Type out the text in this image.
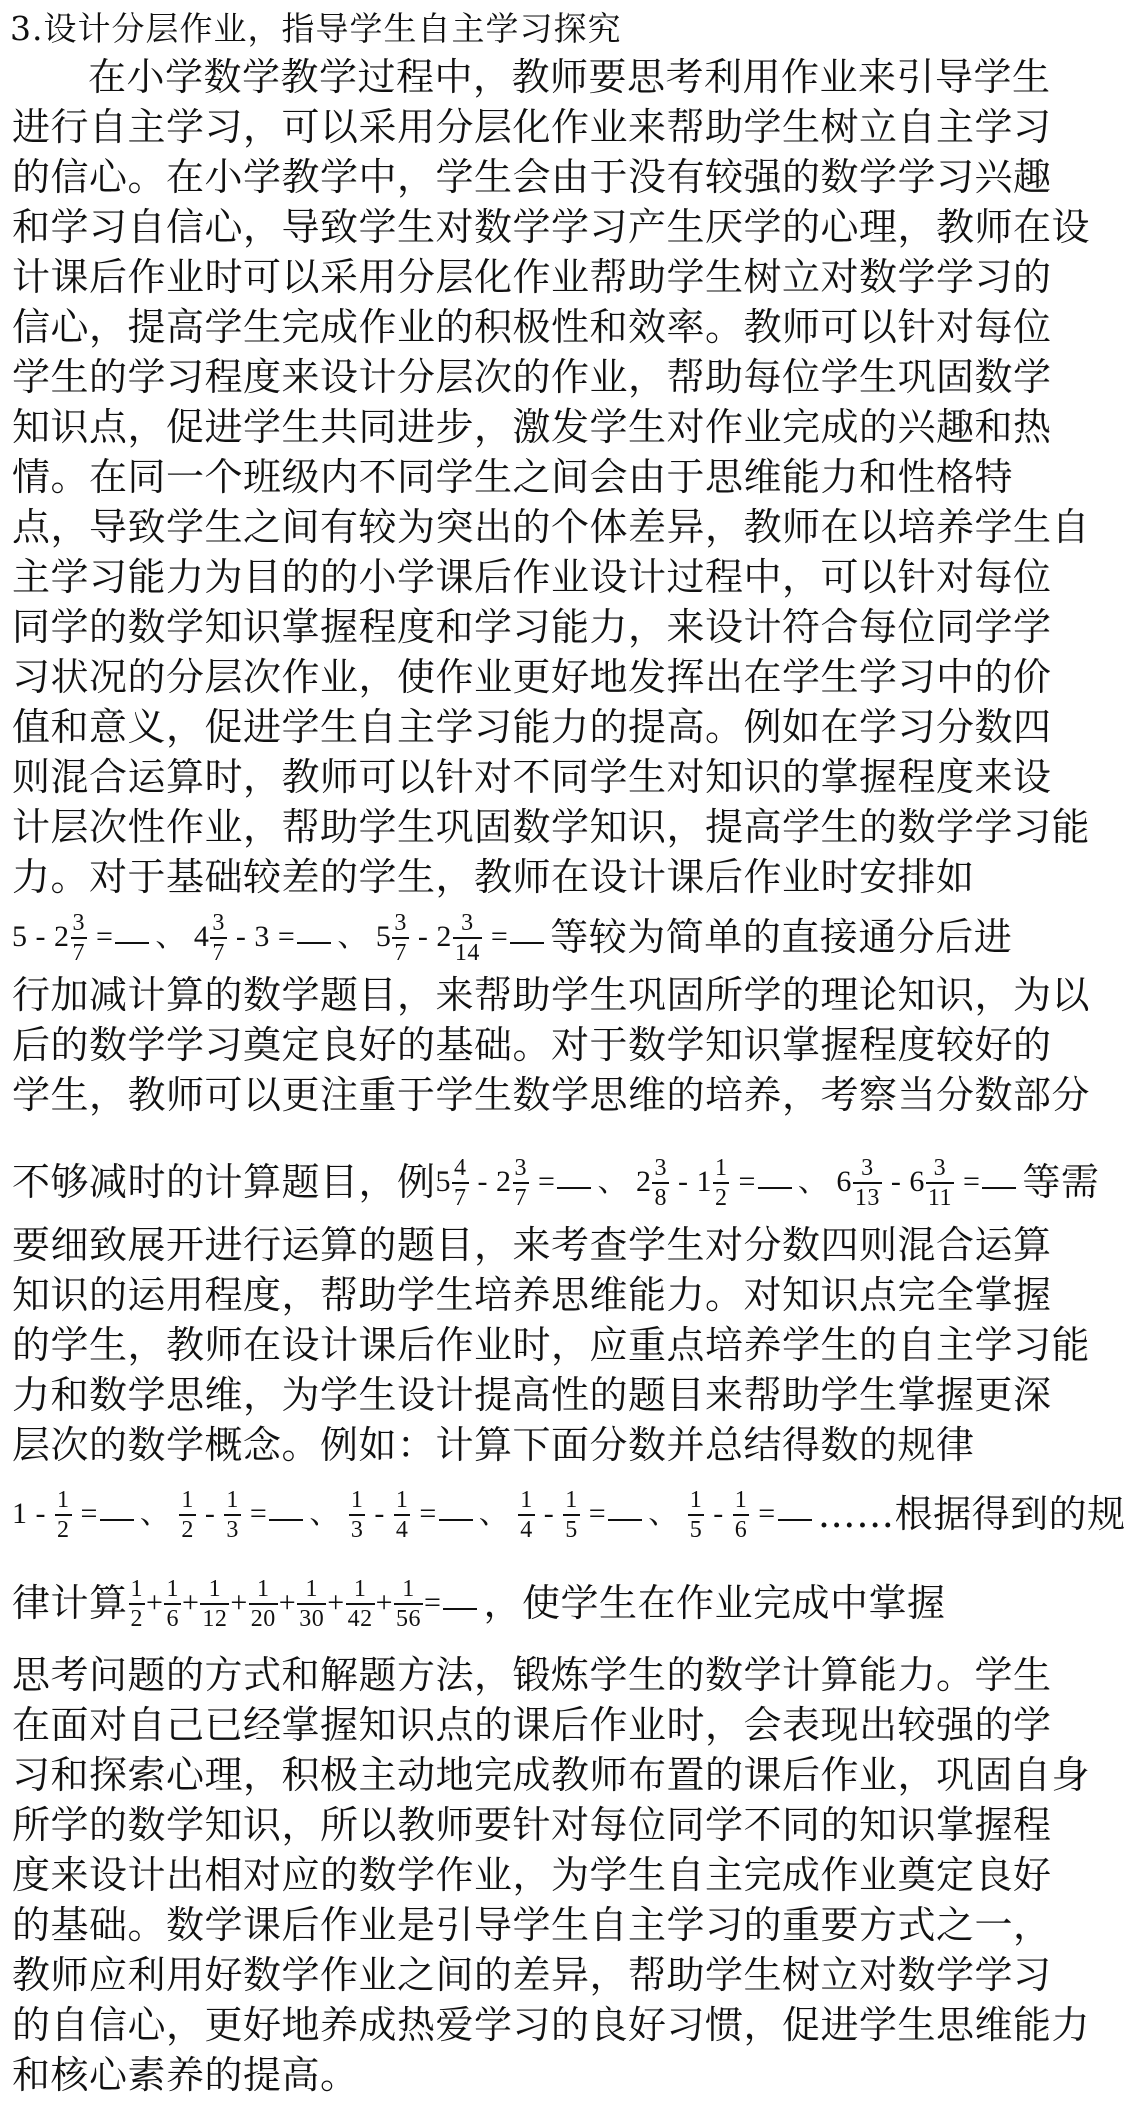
3.设计分层作业，指导学生自主学习探究
在小学数学教学过程中，教师要思考利用作业来引导学生
进行自主学习，可以采用分层化作业来帮助学生树立自主学习
的信心。在小学教学中，学生会由于没有较强的数学学习兴趣
和学习自信心，导致学生对数学学习产生厌学的心理，教师在设
计课后作业时可以采用分层化作业帮助学生树立对数学学习的
信心，提高学生完成作业的积极性和效率。教师可以针对每位
学生的学习程度来设计分层次的作业，帮助每位学生巩固数学
知识点，促进学生共同进步，激发学生对作业完成的兴趣和热
情。在同一个班级内不同学生之间会由于思维能力和性格特
点，导致学生之间有较为突出的个体差异，教师在以培养学生自
主学习能力为目的的小学课后作业设计过程中，可以针对每位
同学的数学知识掌握程度和学习能力，来设计符合每位同学学
习状况的分层次作业，使作业更好地发挥出在学生学习中的价
值和意义，促进学生自主学习能力的提高。例如在学习分数四
则混合运算时，教师可以针对不同学生对知识的掌握程度来设
计层次性作业，帮助学生巩固数学知识，提高学生的数学学习能
力。对于基础较差的学生，教师在设计课后作业时安排如
$5 - 2 \frac{3}{7}$ = 、 $4 \frac{3}{7} - 3$ = 、 $5 \frac{3}{7} - 2 \frac{3}{14}$ =	等较为简单的直接通分后进
行加减计算的数学题目，来帮助学生巩固所学的理论知识，为以
后的数学学习奠定良好的基础。对于数学知识掌握程度较好的
学生，教师可以更注重于学生数学思维的培养，考察当分数部分
不够减时的计算题目，例 $5 \frac{4}{7} - 2 \frac{3}{7}$ = 、 $2 \frac{3}{8} - 1 \frac{1}{2}$ = 、 $6 \frac{3}{13} - 6 \frac{3}{11}$ =	等需
要细致展开进行运算的题目，来考查学生对分数四则混合运算
知识的运用程度，帮助学生培养思维能力。对知识点完全掌握
的学生，教师在设计课后作业时，应重点培养学生的自主学习能
力和数学思维，为学生设计提高性的题目来帮助学生掌握更深
层次的数学概念。例如：计算下面分数并总结得数的规律
$1 - \frac{1}{2}$ = 、 $\frac{1}{2} - \frac{1}{3}$ = 、 $\frac{1}{3} - \frac{1}{4}$ = 、 $\frac{1}{4} - \frac{1}{5}$ = 、 $\frac{1}{5} - \frac{1}{6}$ =	……根据得到的规
律计算 $\frac{1}{2} + \frac{1}{6} + \frac{1}{12} + \frac{1}{20} + \frac{1}{30} + \frac{1}{42} + \frac{1}{56}$ =	，使学生在作业完成中掌握
思考问题的方式和解题方法，锻炼学生的数学计算能力。学生
在面对自己已经掌握知识点的课后作业时，会表现出较强的学
习和探索心理，积极主动地完成教师布置的课后作业，巩固自身
所学的数学知识，所以教师要针对每位同学不同的知识掌握程
度来设计出相对应的数学作业，为学生自主完成作业奠定良好
的基础。数学课后作业是引导学生自主学习的重要方式之一，
教师应利用好数学作业之间的差异，帮助学生树立对数学学习
的自信心，更好地养成热爱学习的良好习惯，促进学生思维能力
和核心素养的提高。
